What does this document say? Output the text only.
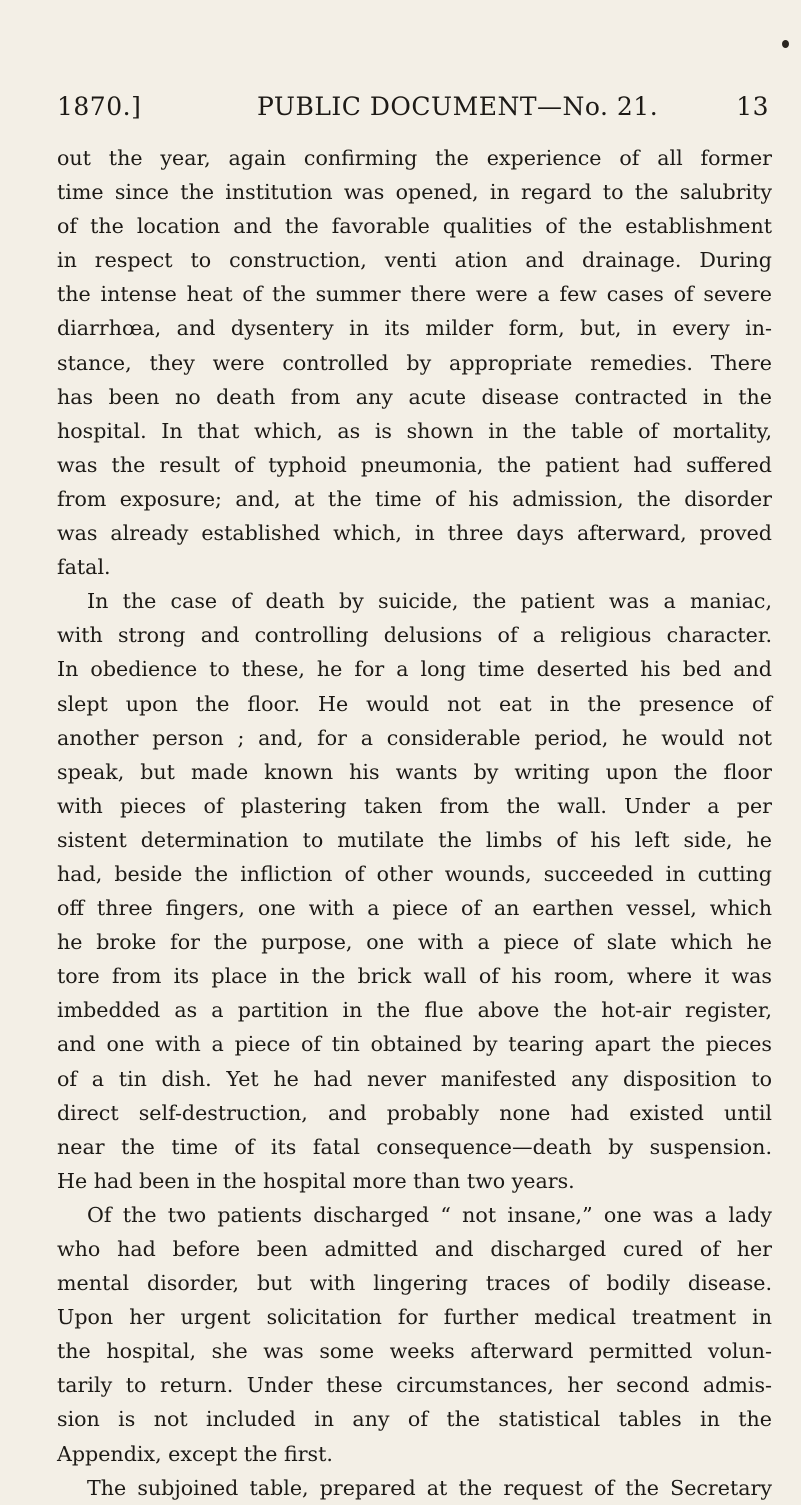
1870.]	PUBLIC DOCUMENT—No. 21.	13
out the year, again confirming the experience of all former
time since the institution was opened, in regard to the salubrity
of the location and the favorable qualities of the establishment
in respect to construction, venti ation and drainage. During
the intense heat of the summer there were a few cases of severe
diarrhœa, and dysentery in its milder form, but, in every in-
stance, they were controlled by appropriate remedies. There
has been no death from any acute disease contracted in the
hospital. In that which, as is shown in the table of mortality,
was the result of typhoid pneumonia, the patient had suffered
from exposure; and, at the time of his admission, the disorder
was already established which, in three days afterward, proved
fatal.
In the case of death by suicide, the patient was a maniac,
with strong and controlling delusions of a religious character.
In obedience to these, he for a long time deserted his bed and
slept upon the floor. He would not eat in the presence of
another person ; and, for a considerable period, he would not
speak, but made known his wants by writing upon the floor
with pieces of plastering taken from the wall. Under a per
sistent determination to mutilate the limbs of his left side, he
had, beside the infliction of other wounds, succeeded in cutting
off three fingers, one with a piece of an earthen vessel, which
he broke for the purpose, one with a piece of slate which he
tore from its place in the brick wall of his room, where it was
imbedded as a partition in the flue above the hot-air register,
and one with a piece of tin obtained by tearing apart the pieces
of a tin dish. Yet he had never manifested any disposition to
direct self-destruction, and probably none had existed until
near the time of its fatal consequence—death by suspension.
He had been in the hospital more than two years.
Of the two patients discharged “ not insane,” one was a lady
who had before been admitted and discharged cured of her
mental disorder, but with lingering traces of bodily disease.
Upon her urgent solicitation for further medical treatment in
the hospital, she was some weeks afterward permitted volun-
tarily to return. Under these circumstances, her second admis-
sion is not included in any of the statistical tables in the
Appendix, except the first.
The subjoined table, prepared at the request of the Secretary
